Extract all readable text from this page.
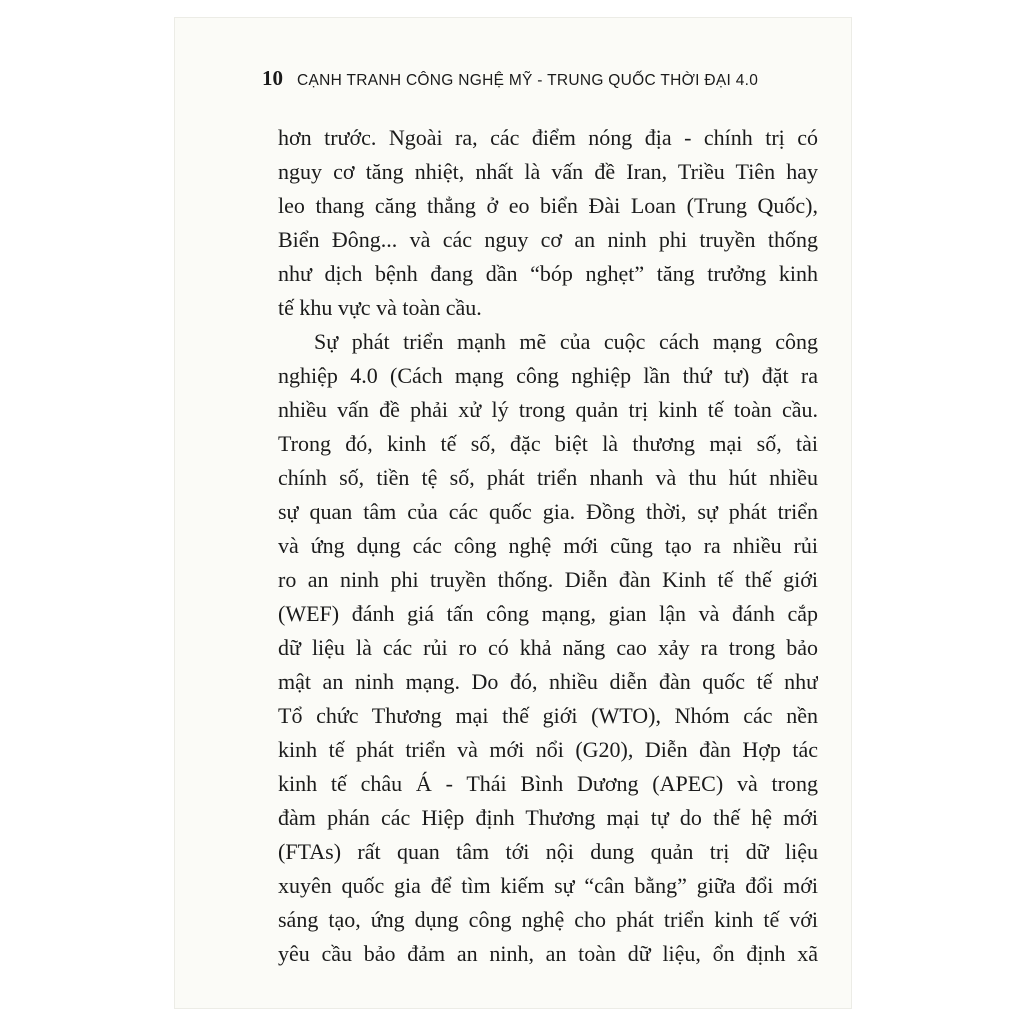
10 CẠNH TRANH CÔNG NGHỆ MỸ - TRUNG QUỐC THỜI ĐẠI 4.0
hơn trước. Ngoài ra, các điểm nóng địa - chính trị có
nguy cơ tăng nhiệt, nhất là vấn đề Iran, Triều Tiên hay
leo thang căng thẳng ở eo biển Đài Loan (Trung Quốc),
Biển Đông... và các nguy cơ an ninh phi truyền thống
như dịch bệnh đang dần “bóp nghẹt” tăng trưởng kinh
tế khu vực và toàn cầu.
Sự phát triển mạnh mẽ của cuộc cách mạng công
nghiệp 4.0 (Cách mạng công nghiệp lần thứ tư) đặt ra
nhiều vấn đề phải xử lý trong quản trị kinh tế toàn cầu.
Trong đó, kinh tế số, đặc biệt là thương mại số, tài
chính số, tiền tệ số, phát triển nhanh và thu hút nhiều
sự quan tâm của các quốc gia. Đồng thời, sự phát triển
và ứng dụng các công nghệ mới cũng tạo ra nhiều rủi
ro an ninh phi truyền thống. Diễn đàn Kinh tế thế giới
(WEF) đánh giá tấn công mạng, gian lận và đánh cắp
dữ liệu là các rủi ro có khả năng cao xảy ra trong bảo
mật an ninh mạng. Do đó, nhiều diễn đàn quốc tế như
Tổ chức Thương mại thế giới (WTO), Nhóm các nền
kinh tế phát triển và mới nổi (G20), Diễn đàn Hợp tác
kinh tế châu Á - Thái Bình Dương (APEC) và trong
đàm phán các Hiệp định Thương mại tự do thế hệ mới
(FTAs) rất quan tâm tới nội dung quản trị dữ liệu
xuyên quốc gia để tìm kiếm sự “cân bằng” giữa đổi mới
sáng tạo, ứng dụng công nghệ cho phát triển kinh tế với
yêu cầu bảo đảm an ninh, an toàn dữ liệu, ổn định xã
